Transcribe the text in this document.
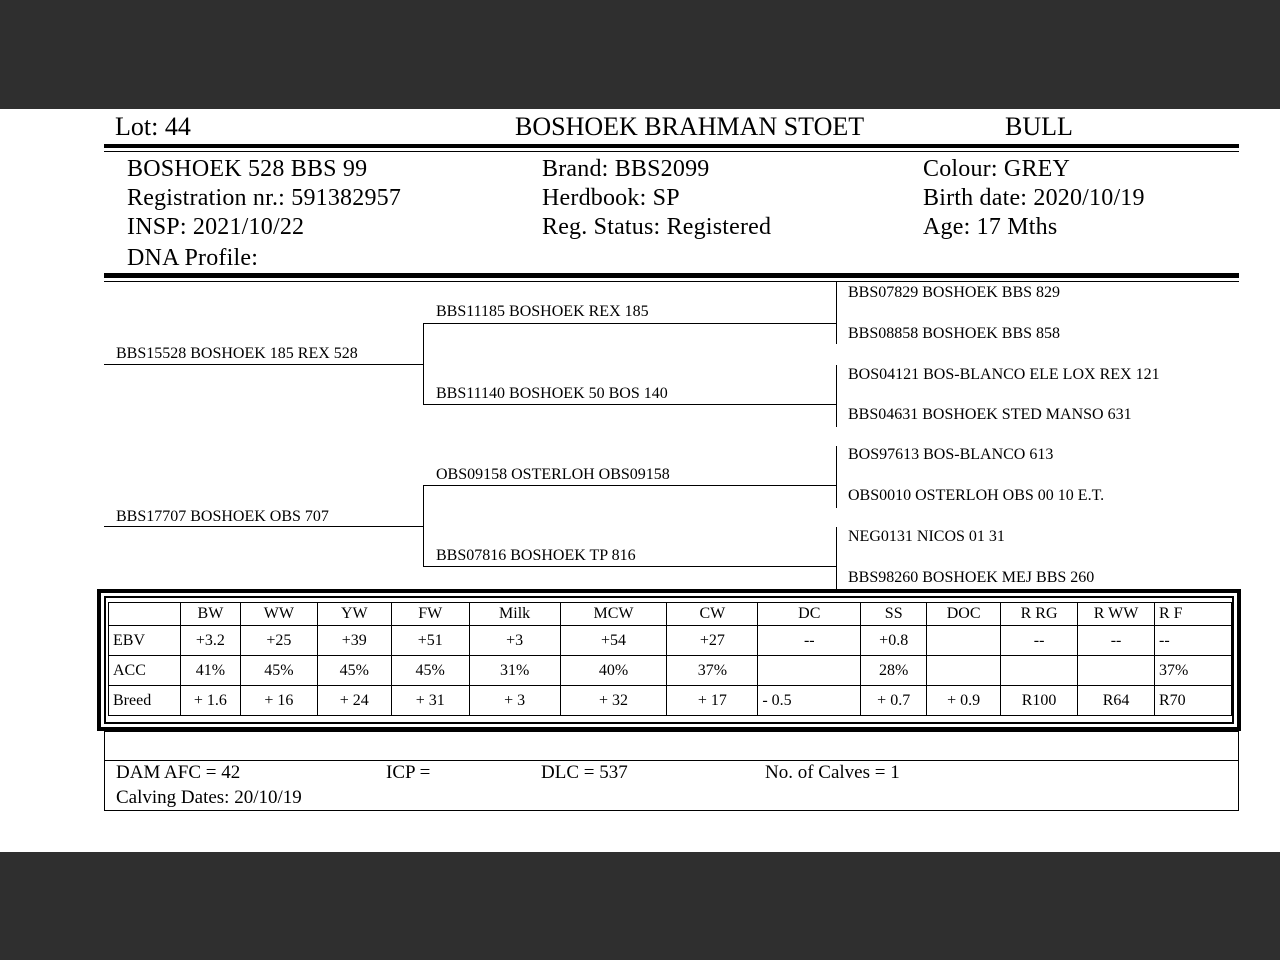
Lot: 44	BOSHOEK BRAHMAN STOET	BULL
BOSHOEK 528 BBS 99
Registration nr.: 591382957
INSP: 2021/10/22
DNA Profile:
Brand: BBS2099
Herdbook: SP
Reg. Status: Registered
Colour: GREY
Birth date: 2020/10/19
Age: 17 Mths
BBS15528 BOSHOEK 185 REX 528
BBS17707 BOSHOEK OBS 707
BBS11185 BOSHOEK REX 185
BBS11140 BOSHOEK 50 BOS 140
OBS09158 OSTERLOH OBS09158
BBS07816 BOSHOEK TP 816
BBS07829 BOSHOEK BBS 829
BBS08858 BOSHOEK BBS 858
BOS04121 BOS-BLANCO ELE LOX REX 121
BBS04631 BOSHOEK STED MANSO 631
BOS97613 BOS-BLANCO 613
OBS0010 OSTERLOH OBS 00 10 E.T.
NEG0131 NICOS 01 31
BBS98260 BOSHOEK MEJ BBS 260
	BW	WW	YW	FW	Milk	MCW	CW	DC	SS	DOC	R RG	R WW	R F
EBV	+3.2	+25	+39	+51	+3	+54	+27	--	+0.8		--	--	--
ACC	41%	45%	45%	45%	31%	40%	37%		28%				37%
Breed	+ 1.6	+ 16	+ 24	+ 31	+ 3	+ 32	+ 17	- 0.5	+ 0.7	+ 0.9	R100	R64	R70
DAM AFC = 42	ICP =	DLC = 537	No. of Calves = 1
Calving Dates: 20/10/19
